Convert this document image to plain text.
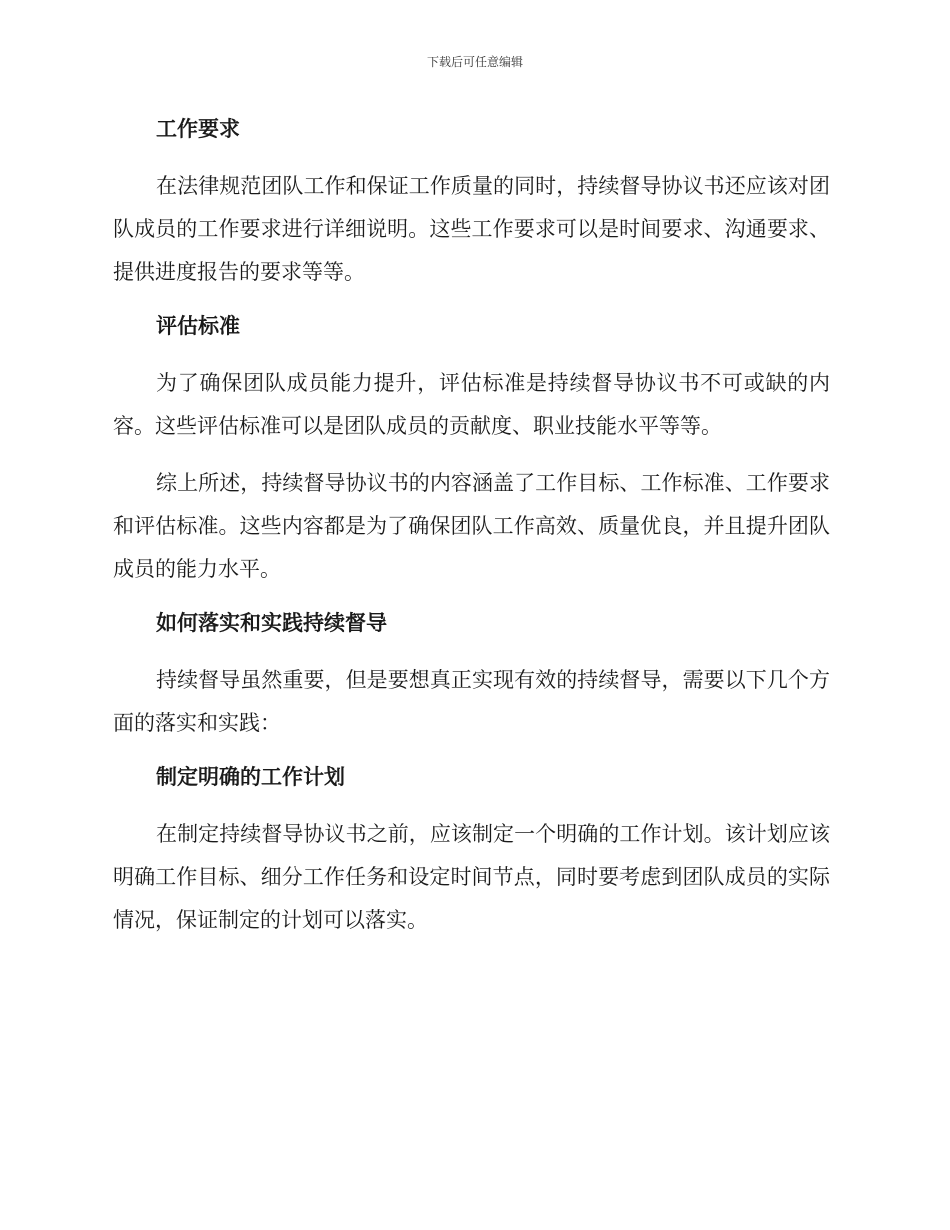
下载后可任意编辑
工作要求

在法律规范团队工作和保证工作质量的同时，持续督导协议书还应该对团队成员的工作要求进行详细说明。这些工作要求可以是时间要求、沟通要求、提供进度报告的要求等等。

评估标准

为了确保团队成员能力提升，评估标准是持续督导协议书不可或缺的内容。这些评估标准可以是团队成员的贡献度、职业技能水平等等。

综上所述，持续督导协议书的内容涵盖了工作目标、工作标准、工作要求和评估标准。这些内容都是为了确保团队工作高效、质量优良，并且提升团队成员的能力水平。

如何落实和实践持续督导

持续督导虽然重要，但是要想真正实现有效的持续督导，需要以下几个方面的落实和实践：

制定明确的工作计划

在制定持续督导协议书之前，应该制定一个明确的工作计划。该计划应该明确工作目标、细分工作任务和设定时间节点，同时要考虑到团队成员的实际情况，保证制定的计划可以落实。
